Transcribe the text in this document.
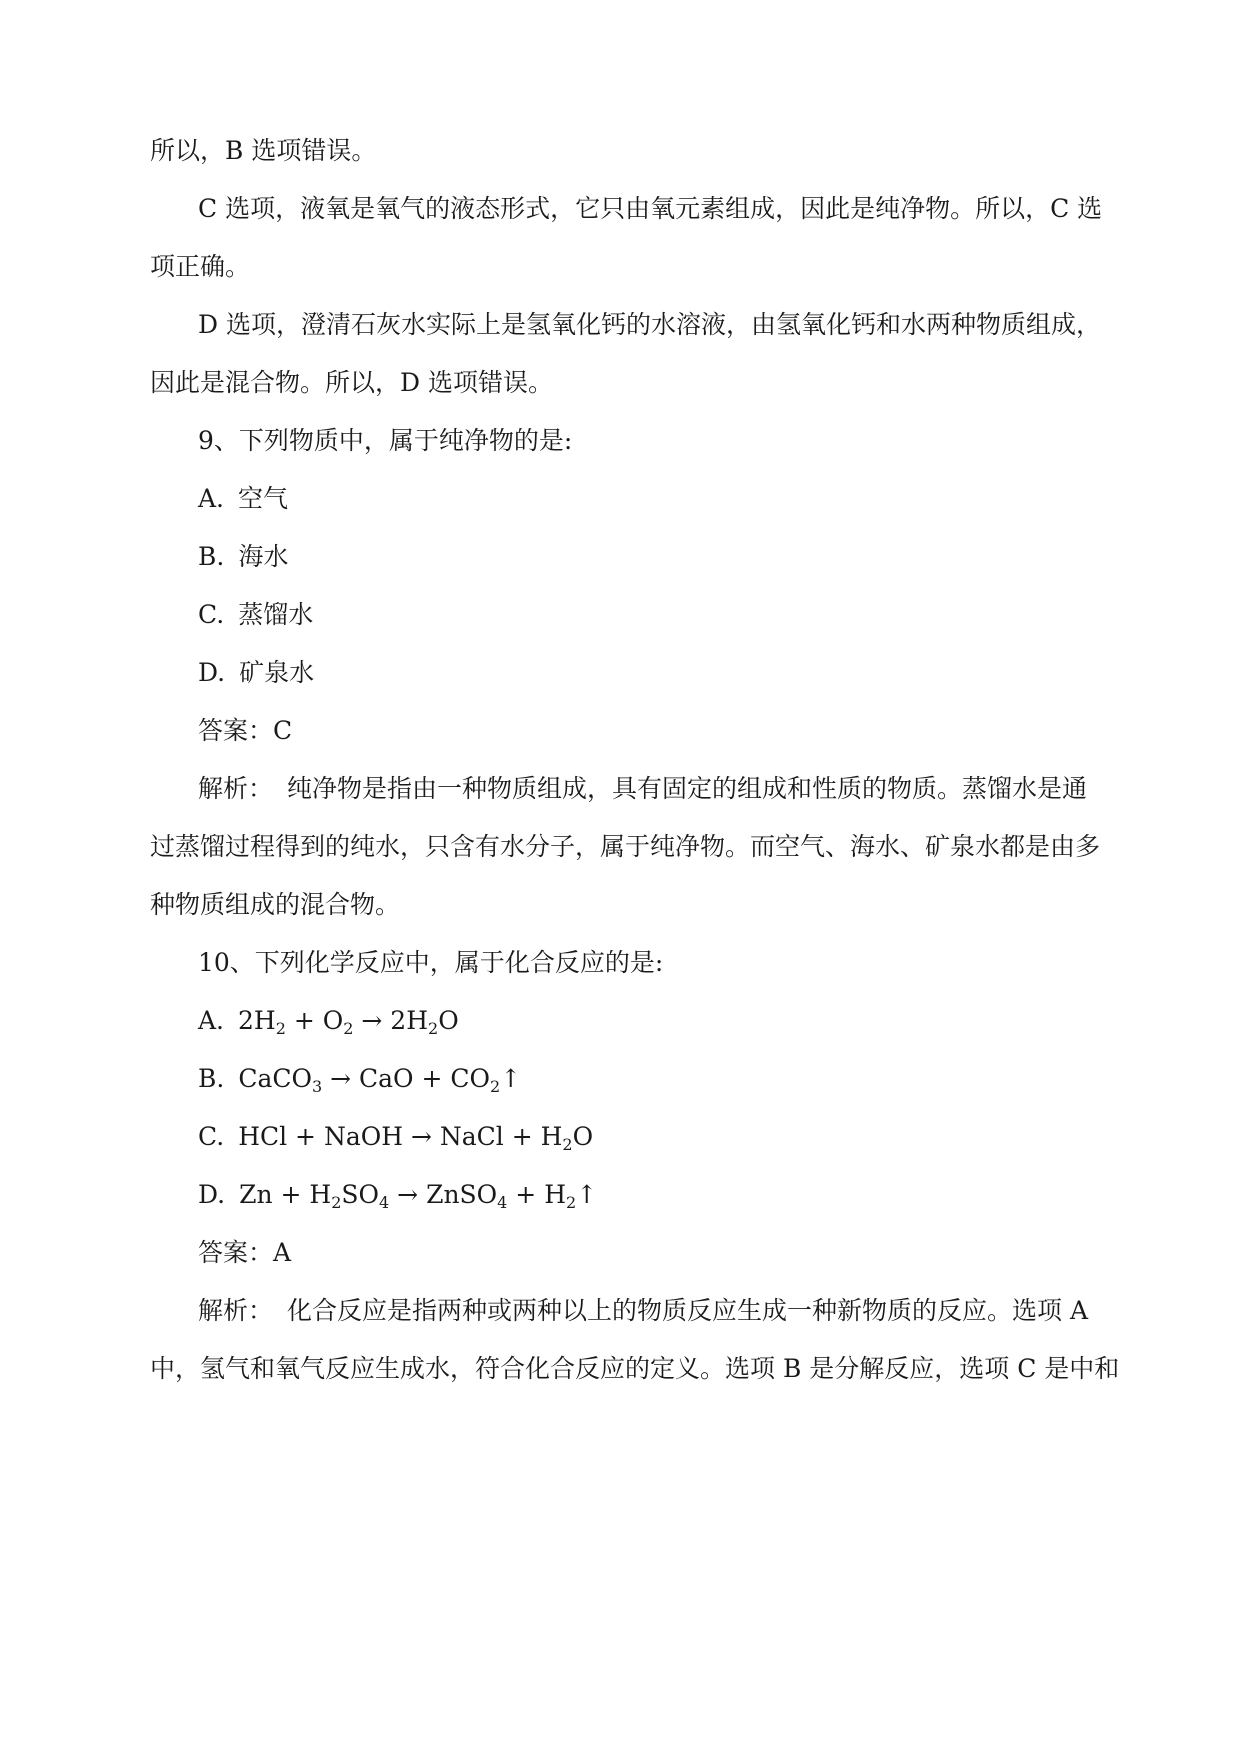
所以，B 选项错误。
C 选项，液氧是氧气的液态形式，它只由氧元素组成，因此是纯净物。所以，C 选
项正确。
D 选项，澄清石灰水实际上是氢氧化钙的水溶液，由氢氧化钙和水两种物质组成，
因此是混合物。所以，D 选项错误。
9、下列物质中，属于纯净物的是:
A. 空气
B. 海水
C. 蒸馏水
D. 矿泉水
答案：C
解析： 纯净物是指由一种物质组成，具有固定的组成和性质的物质。蒸馏水是通
过蒸馏过程得到的纯水，只含有水分子，属于纯净物。而空气、海水、矿泉水都是由多
种物质组成的混合物。
10、下列化学反应中，属于化合反应的是:
A. $2H_2 + O_2 \to 2H_2O$
B. CaCO$_3$ → CaO + $CO_2↑$
C. HCl + NaOH → NaCl + $H_2O$
D. $Zn + H_2SO_4$ → ZnSO$_4$ + $H_2↑$
答案：A
解析： 化合反应是指两种或两种以上的物质反应生成一种新物质的反应。选项 A
中，氢气和氧气反应生成水，符合化合反应的定义。选项 B 是分解反应，选项 C 是中和
